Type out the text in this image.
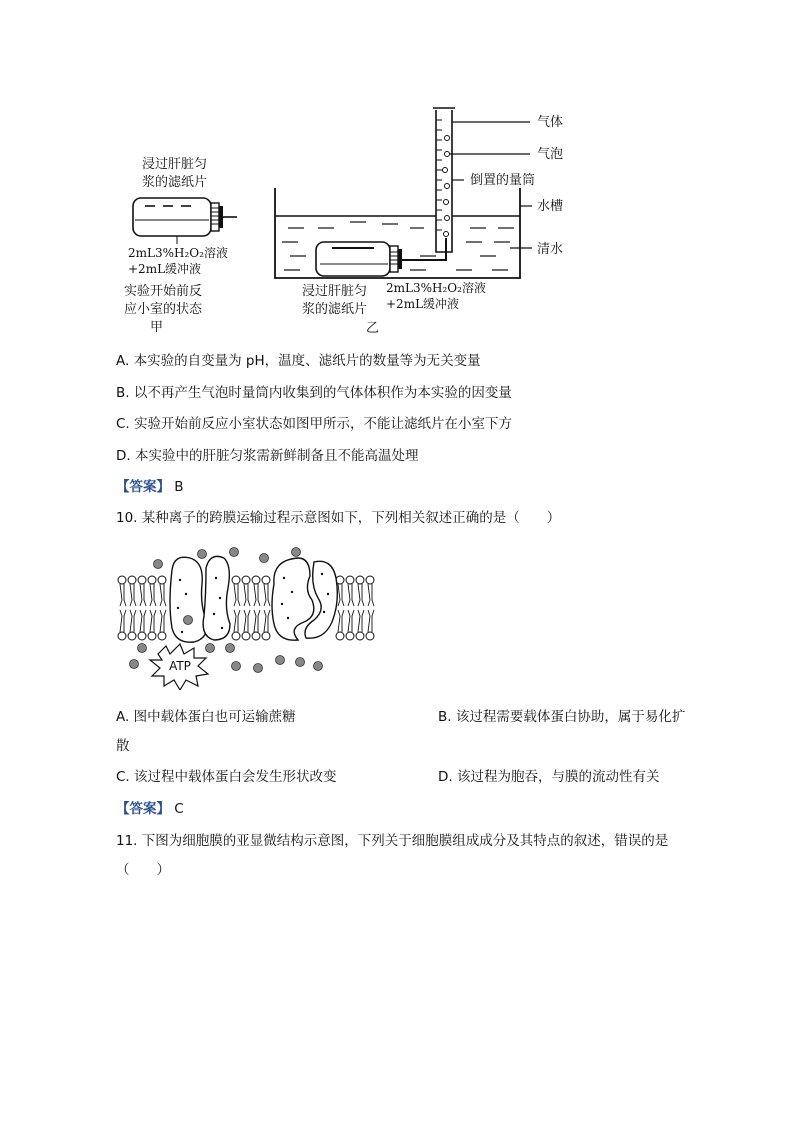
浸过肝脏匀
浆的滤纸片
2mL3%H₂O₂溶液
+2mL缓冲液
实验开始前反
应小室的状态
甲
气体
气泡
倒置的量筒
水槽
清水
2mL3%H₂O₂溶液
+2mL缓冲液
浸过肝脏匀
浆的滤纸片
乙
A. 本实验的自变量为 pH，温度、滤纸片的数量等为无关变量
B. 以不再产生气泡时量筒内收集到的气体体积作为本实验的因变量
C. 实验开始前反应小室状态如图甲所示，不能让滤纸片在小室下方
D. 本实验中的肝脏匀浆需新鲜制备且不能高温处理
【答案】 B
10. 某种离子的跨膜运输过程示意图如下，下列相关叙述正确的是（　　）
ATP
A. 图中载体蛋白也可运输蔗糖	B. 该过程需要载体蛋白协助，属于易化扩
散
C. 该过程中载体蛋白会发生形状改变	D. 该过程为胞吞，与膜的流动性有关
【答案】 C
11. 下图为细胞膜的亚显微结构示意图，下列关于细胞膜组成成分及其特点的叙述，错误的是
（　　）
